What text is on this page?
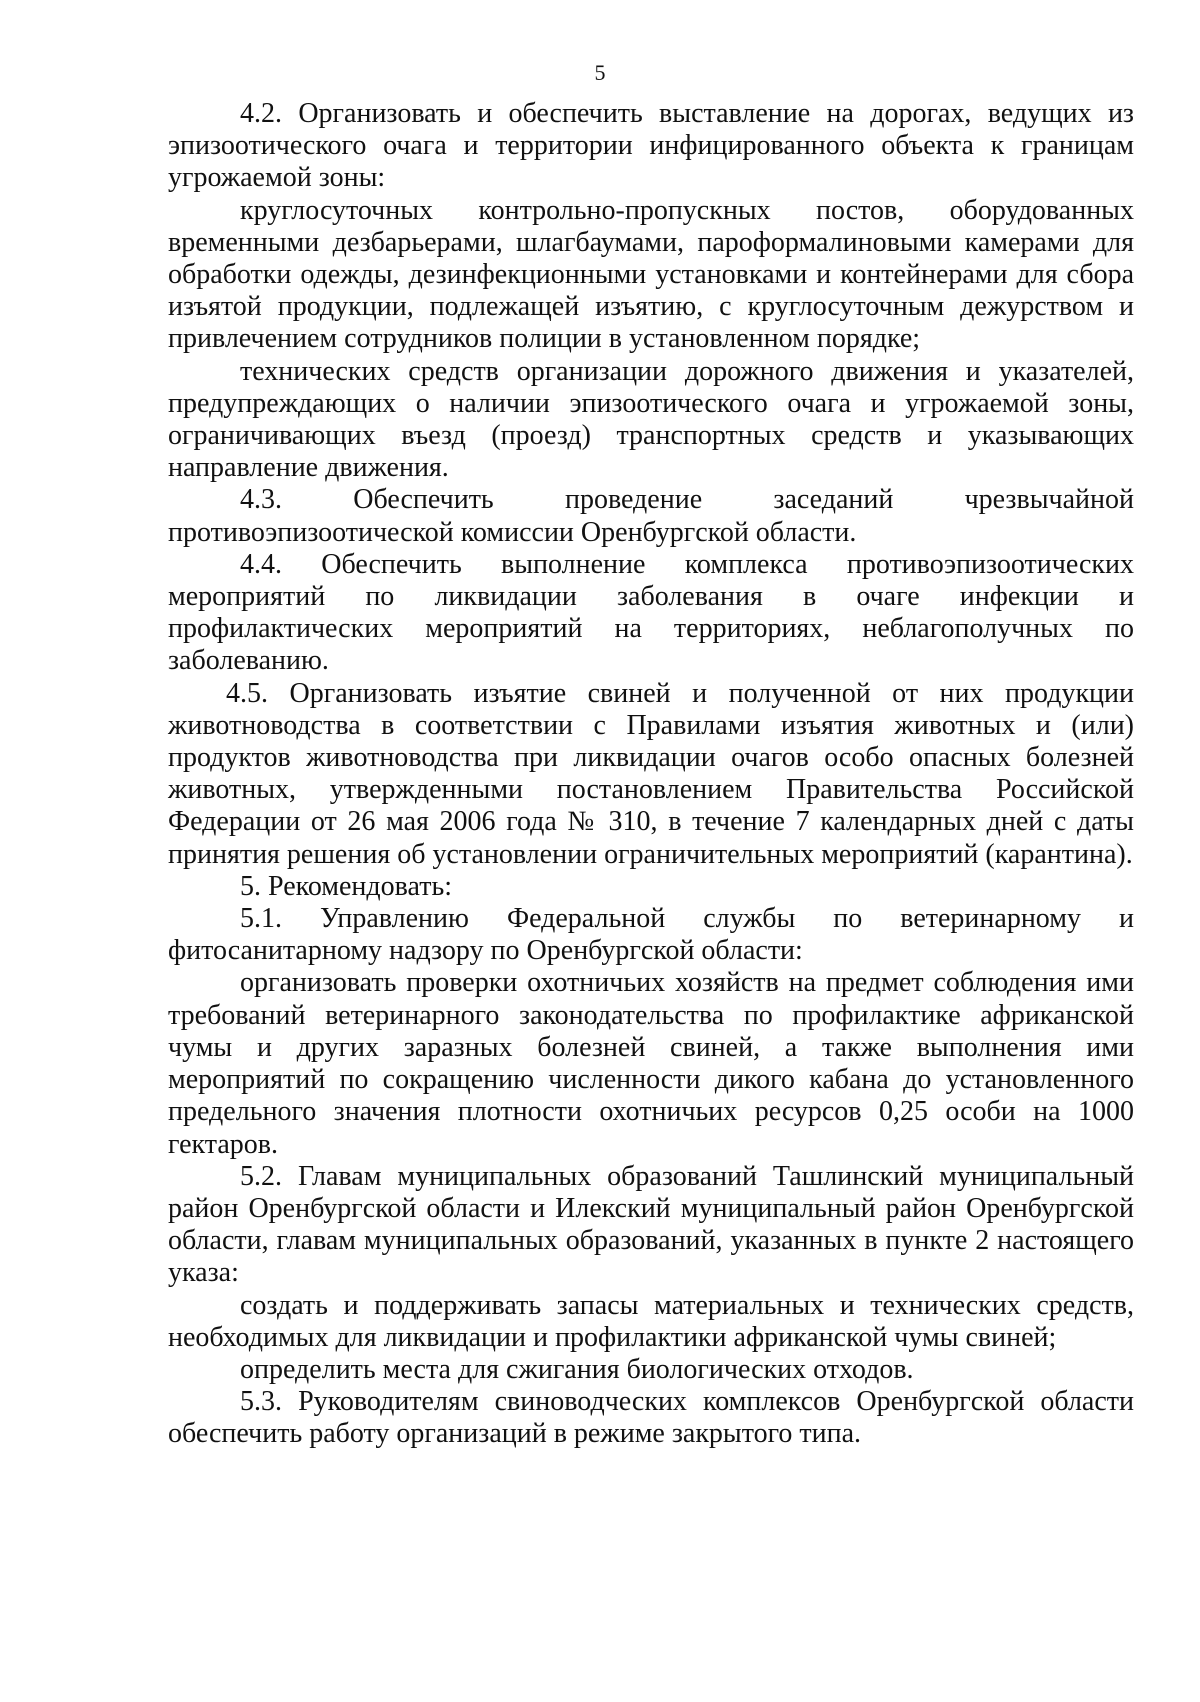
5

4.2. Организовать и обеспечить выставление на дорогах, ведущих из эпизоотического очага и территории инфицированного объекта к границам угрожаемой зоны:

круглосуточных контрольно-пропускных постов, оборудованных временными дезбарьерами, шлагбаумами, пароформалиновыми камерами для обработки одежды, дезинфекционными установками и контейнерами для сбора изъятой продукции, подлежащей изъятию, с круглосуточным дежурством и привлечением сотрудников полиции в установленном порядке;

технических средств организации дорожного движения и указателей, предупреждающих о наличии эпизоотического очага и угрожаемой зоны, ограничивающих въезд (проезд) транспортных средств и указывающих направление движения.

4.3. Обеспечить проведение заседаний чрезвычайной противоэпизоотической комиссии Оренбургской области.

4.4. Обеспечить выполнение комплекса противоэпизоотических мероприятий по ликвидации заболевания в очаге инфекции и профилактических мероприятий на территориях, неблагополучных по заболеванию.

4.5. Организовать изъятие свиней и полученной от них продукции животноводства в соответствии с Правилами изъятия животных и (или) продуктов животноводства при ликвидации очагов особо опасных болезней животных, утвержденными постановлением Правительства Российской Федерации от 26 мая 2006 года № 310, в течение 7 календарных дней с даты принятия решения об установлении ограничительных мероприятий (карантина).

5. Рекомендовать:

5.1. Управлению Федеральной службы по ветеринарному и фитосанитарному надзору по Оренбургской области:

организовать проверки охотничьих хозяйств на предмет соблюдения ими требований ветеринарного законодательства по профилактике африканской чумы и других заразных болезней свиней, а также выполнения ими мероприятий по сокращению численности дикого кабана до установленного предельного значения плотности охотничьих ресурсов 0,25 особи на 1000 гектаров.

5.2. Главам муниципальных образований Ташлинский муниципальный район Оренбургской области и Илекский муниципальный район Оренбургской области, главам муниципальных образований, указанных в пункте 2 настоящего указа:

создать и поддерживать запасы материальных и технических средств, необходимых для ликвидации и профилактики африканской чумы свиней;

определить места для сжигания биологических отходов.

5.3. Руководителям свиноводческих комплексов Оренбургской области обеспечить работу организаций в режиме закрытого типа.
